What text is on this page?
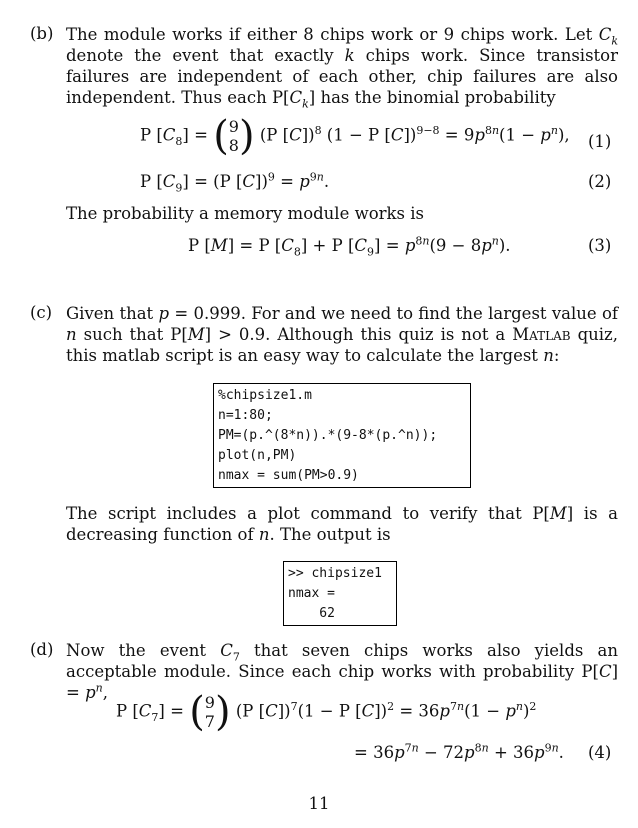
(b) The module works if either 8 chips work or 9 chips work. Let $C_k$ denote the event that exactly k chips work. Since transistor failures are independent of each other, chip failures are also independent. Thus each $P[C_k]$ has the binomial probability

P $[C_8] = (9$
8) (P [C])$^8$ (1 − P $[C])^{9-8} = 9p^{8n}(1 - p^n)$, (1)
P $[C_9] = (P$ $[C])^9 = p^{9n}$.	(2)
The probability a memory module works is
P [M] = P $[C_8] + P$ $[C_9] = p^{8n}(9 - 8p^n)$.	(3)
(c) Given that p = 0.999. For and we need to find the largest value of n such that P[M] > 0.9. Although this quiz is not a Matlab quiz, this matlab script is an easy way to calculate the largest n:

%chipsize1.m
n=1:80;
PM=(p.^(8*n)).*(9-8*(p.^n));
plot(n,PM)
nmax = sum(PM>0.9)

The script includes a plot command to verify that P[M] is a decreasing function of n. The output is

>> chipsize1
nmax =
62
(d) Now the event $C_7$ that seven chips works also yields an acceptable module. Since each chip works with probability $P[C] = p^n$,

P $[C_7] = (9$
7) (P [C])$^7$(1 − P $[C])^2 = 36p^{7n}(1 - p^n)^2$
= $36p^{7n} - 72p^{8n} + 36p^{9n}$. (4)
11
